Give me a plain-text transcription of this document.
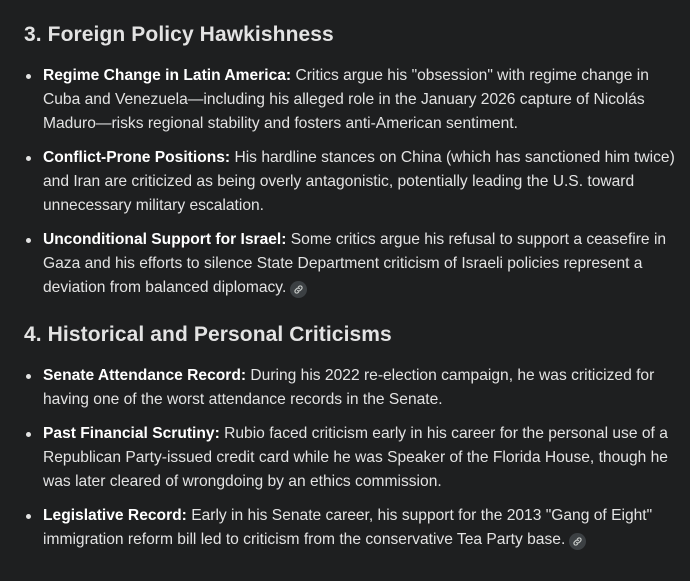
3. Foreign Policy Hawkishness
Regime Change in Latin America: Critics argue his "obsession" with regime change in Cuba and Venezuela—including his alleged role in the January 2026 capture of Nicolás Maduro—risks regional stability and fosters anti-American sentiment.
Conflict-Prone Positions: His hardline stances on China (which has sanctioned him twice) and Iran are criticized as being overly antagonistic, potentially leading the U.S. toward unnecessary military escalation.
Unconditional Support for Israel: Some critics argue his refusal to support a ceasefire in Gaza and his efforts to silence State Department criticism of Israeli policies represent a deviation from balanced diplomacy.
4. Historical and Personal Criticisms
Senate Attendance Record: During his 2022 re-election campaign, he was criticized for having one of the worst attendance records in the Senate.
Past Financial Scrutiny: Rubio faced criticism early in his career for the personal use of a Republican Party-issued credit card while he was Speaker of the Florida House, though he was later cleared of wrongdoing by an ethics commission.
Legislative Record: Early in his Senate career, his support for the 2013 "Gang of Eight" immigration reform bill led to criticism from the conservative Tea Party base.
